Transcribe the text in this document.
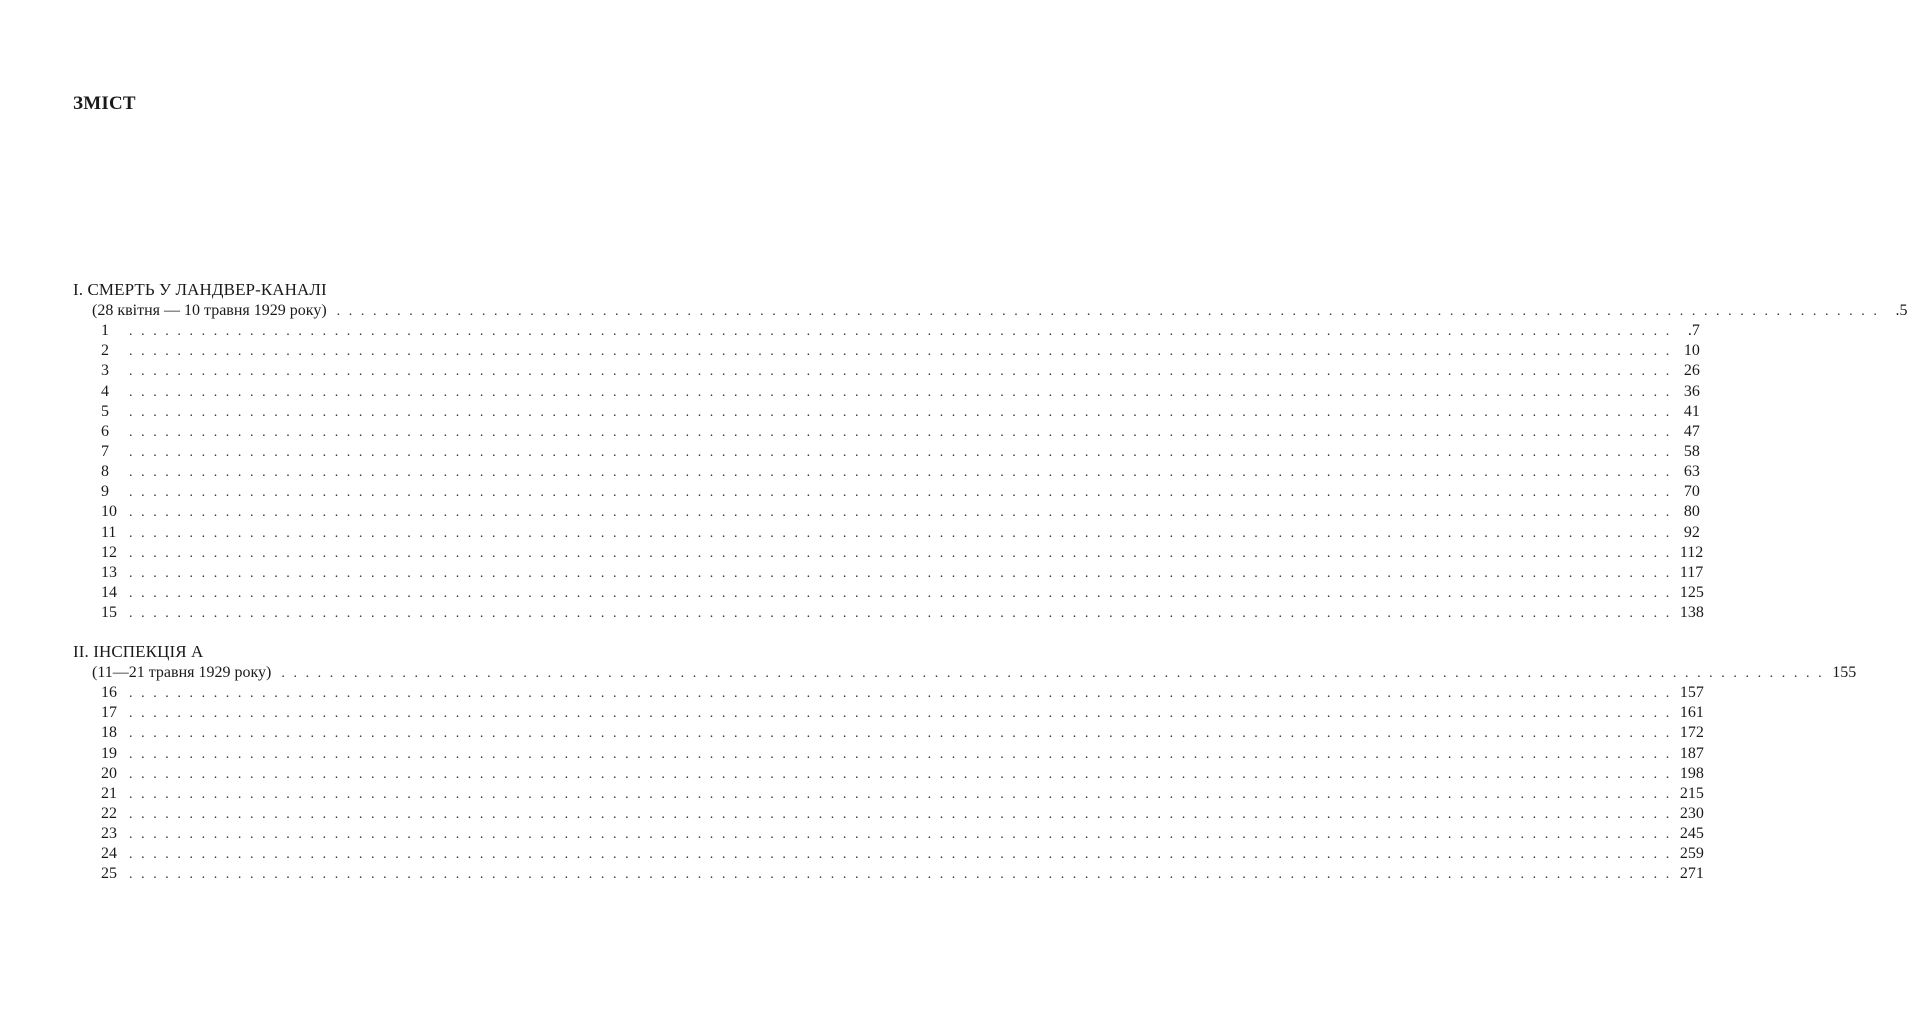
ЗМІСТ
I. СМЕРТЬ У ЛАНДВЕР-КАНАЛІ
(28 квітня — 10 травня 1929 року) ................................................................................................................................ .5
1	................................................................................................................................ .7
2	................................................................................................................................ 10
3	................................................................................................................................ 26
4	................................................................................................................................ 36
5	................................................................................................................................ 41
6	................................................................................................................................ 47
7	................................................................................................................................ 58
8	................................................................................................................................ 63
9	................................................................................................................................ 70
10 ................................................................................................................................ 80
11 ................................................................................................................................ 92
12 ................................................................................................................................ 112
13 ................................................................................................................................ 117
14 ................................................................................................................................ 125
15 ................................................................................................................................ 138
II. ІНСПЕКЦІЯ А
(11—21 травня 1929 року) ................................................................................................................................ 155
16 ................................................................................................................................ 157
17 ................................................................................................................................ 161
18 ................................................................................................................................ 172
19 ................................................................................................................................ 187
20 ................................................................................................................................ 198
21 ................................................................................................................................ 215
22 ................................................................................................................................ 230
23 ................................................................................................................................ 245
24 ................................................................................................................................ 259
25 ................................................................................................................................ 271
